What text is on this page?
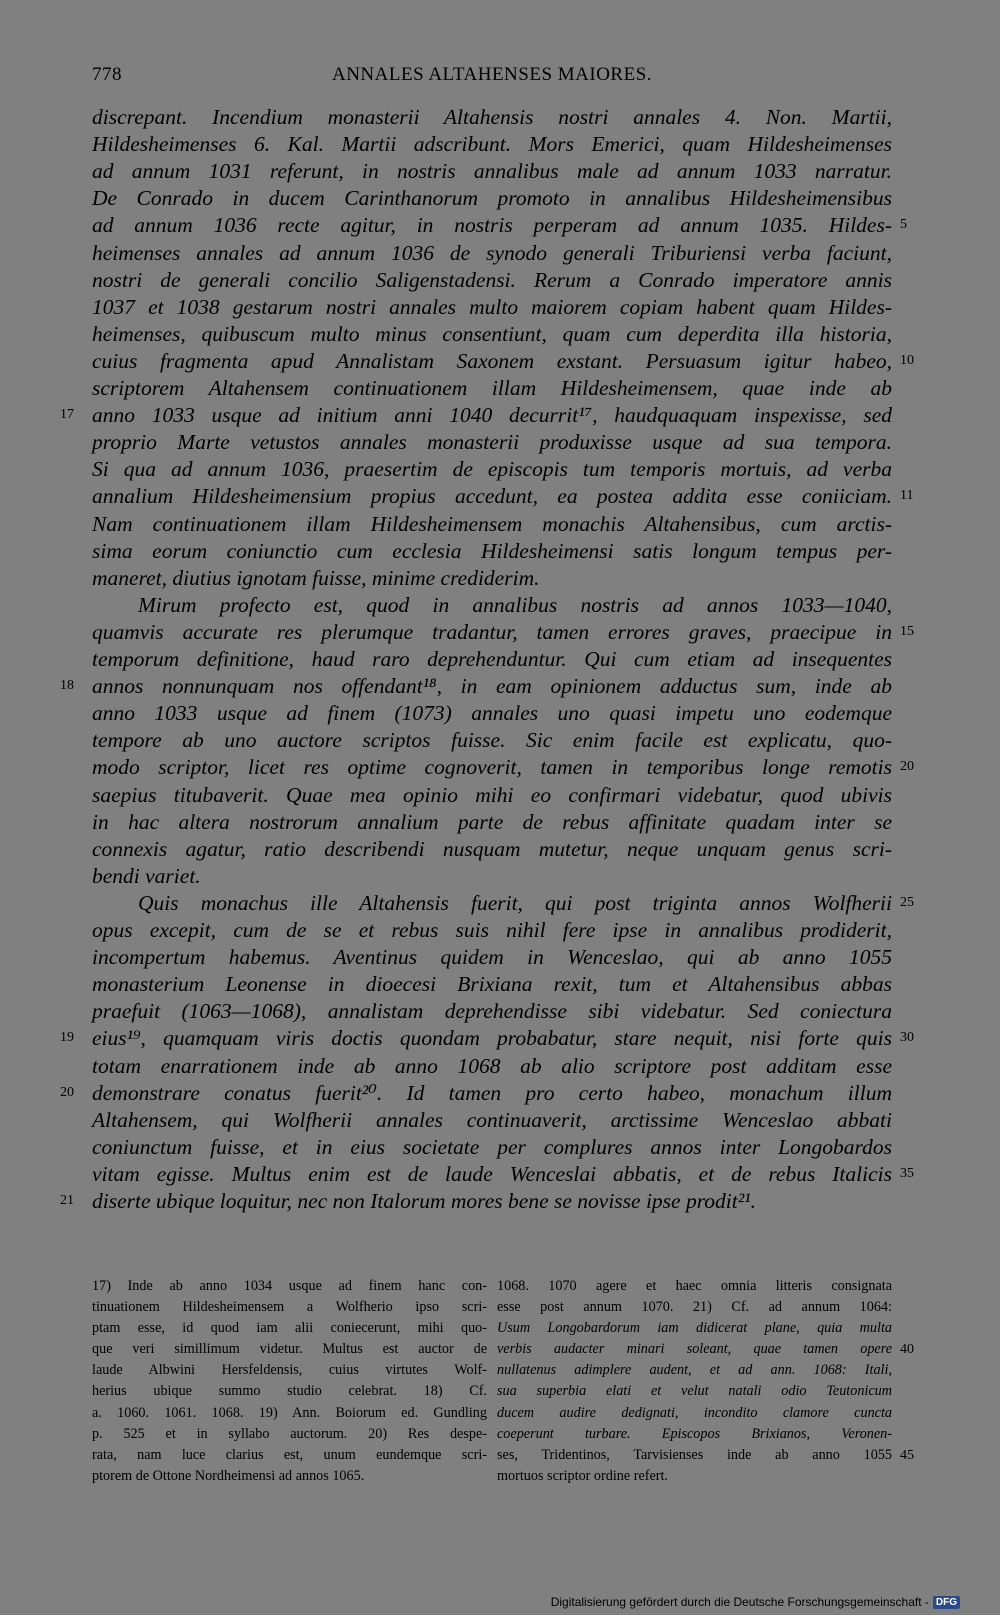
778	ANNALES ALTAHENSES MAIORES.
discrepant. Incendium monasterii Altahensis nostri annales 4. Non. Martii,
Hildesheimenses 6. Kal. Martii adscribunt. Mors Emerici, quam Hildesheimenses
ad annum 1031 referunt, in nostris annalibus male ad annum 1033 narratur.
De Conrado in ducem Carinthanorum promoto in annalibus Hildesheimensibus
ad annum 1036 recte agitur, in nostris perperam ad annum 1035. Hildes-
heimenses annales ad annum 1036 de synodo generali Triburiensi verba faciunt,
nostri de generali concilio Saligenstadensi. Rerum a Conrado imperatore annis
1037 et 1038 gestarum nostri annales multo maiorem copiam habent quam Hildes-
heimenses, quibuscum multo minus consentiunt, quam cum deperdita illa historia,
cuius fragmenta apud Annalistam Saxonem exstant. Persuasum igitur habeo,
scriptorem Altahensem continuationem illam Hildesheimensem, quae inde ab
anno 1033 usque ad initium anni 1040 decurrit¹⁷, haudquaquam inspexisse, sed
proprio Marte vetustos annales monasterii produxisse usque ad sua tempora.
Si qua ad annum 1036, praesertim de episcopis tum temporis mortuis, ad verba
annalium Hildesheimensium propius accedunt, ea postea addita esse coniiciam.
Nam continuationem illam Hildesheimensem monachis Altahensibus, cum arctis-
sima eorum coniunctio cum ecclesia Hildesheimensi satis longum tempus per-
maneret, diutius ignotam fuisse, minime crediderim.
Mirum profecto est, quod in annalibus nostris ad annos 1033—1040,
quamvis accurate res plerumque tradantur, tamen errores graves, praecipue in
temporum definitione, haud raro deprehenduntur. Qui cum etiam ad insequentes
annos nonnunquam nos offendant¹⁸, in eam opinionem adductus sum, inde ab
anno 1033 usque ad finem (1073) annales uno quasi impetu uno eodemque
tempore ab uno auctore scriptos fuisse. Sic enim facile est explicatu, quo-
modo scriptor, licet res optime cognoverit, tamen in temporibus longe remotis
saepius titubaverit. Quae mea opinio mihi eo confirmari videbatur, quod ubivis
in hac altera nostrorum annalium parte de rebus affinitate quadam inter se
connexis agatur, ratio describendi nusquam mutetur, neque unquam genus scri-
bendi variet.
Quis monachus ille Altahensis fuerit, qui post triginta annos Wolfherii
opus excepit, cum de se et rebus suis nihil fere ipse in annalibus prodiderit,
incompertum habemus. Aventinus quidem in Wenceslao, qui ab anno 1055
monasterium Leonense in dioecesi Brixiana rexit, tum et Altahensibus abbas
praefuit (1063—1068), annalistam deprehendisse sibi videbatur. Sed coniectura
eius¹⁹, quamquam viris doctis quondam probabatur, stare nequit, nisi forte quis
totam enarrationem inde ab anno 1068 ab alio scriptore post additam esse
demonstrare conatus fuerit²⁰. Id tamen pro certo habeo, monachum illum
Altahensem, qui Wolfherii annales continuaverit, arctissime Wenceslao abbati
coniunctum fuisse, et in eius societate per complures annos inter Longobardos
vitam egisse. Multus enim est de laude Wenceslai abbatis, et de rebus Italicis
diserte ubique loquitur, nec non Italorum mores bene se novisse ipse prodit²¹.
5
10
11
15
20
25
30
35
17
18
19
20
21
17) Inde ab anno 1034 usque ad finem hanc con-
tinuationem Hildesheimensem a Wolfherio ipso scri-
ptam esse, id quod iam alii coniecerunt, mihi quo-
que veri simillimum videtur. Multus est auctor de
laude Albwini Hersfeldensis, cuius virtutes Wolf-
herius ubique summo studio celebrat. 18) Cf.
a. 1060. 1061. 1068. 19) Ann. Boiorum ed. Gundling
p. 525 et in syllabo auctorum. 20) Res despe-
rata, nam luce clarius est, unum eundemque scri-
ptorem de Ottone Nordheimensi ad annos 1065.
1068. 1070 agere et haec omnia litteris consignata
esse post annum 1070. 21) Cf. ad annum 1064:
Usum Longobardorum iam didicerat plane, quia multa
verbis audacter minari soleant, quae tamen opere
nullatenus adimplere audent, et ad ann. 1068: Itali,
sua superbia elati et velut natali odio Teutonicum
ducem audire dedignati, incondito clamore cuncta
coeperunt turbare. Episcopos Brixianos, Veronen-
ses, Tridentinos, Tarvisienses inde ab anno 1055
mortuos scriptor ordine refert.
Digitalisierung gefördert durch die Deutsche Forschungsgemeinschaft - DFG
40
45
